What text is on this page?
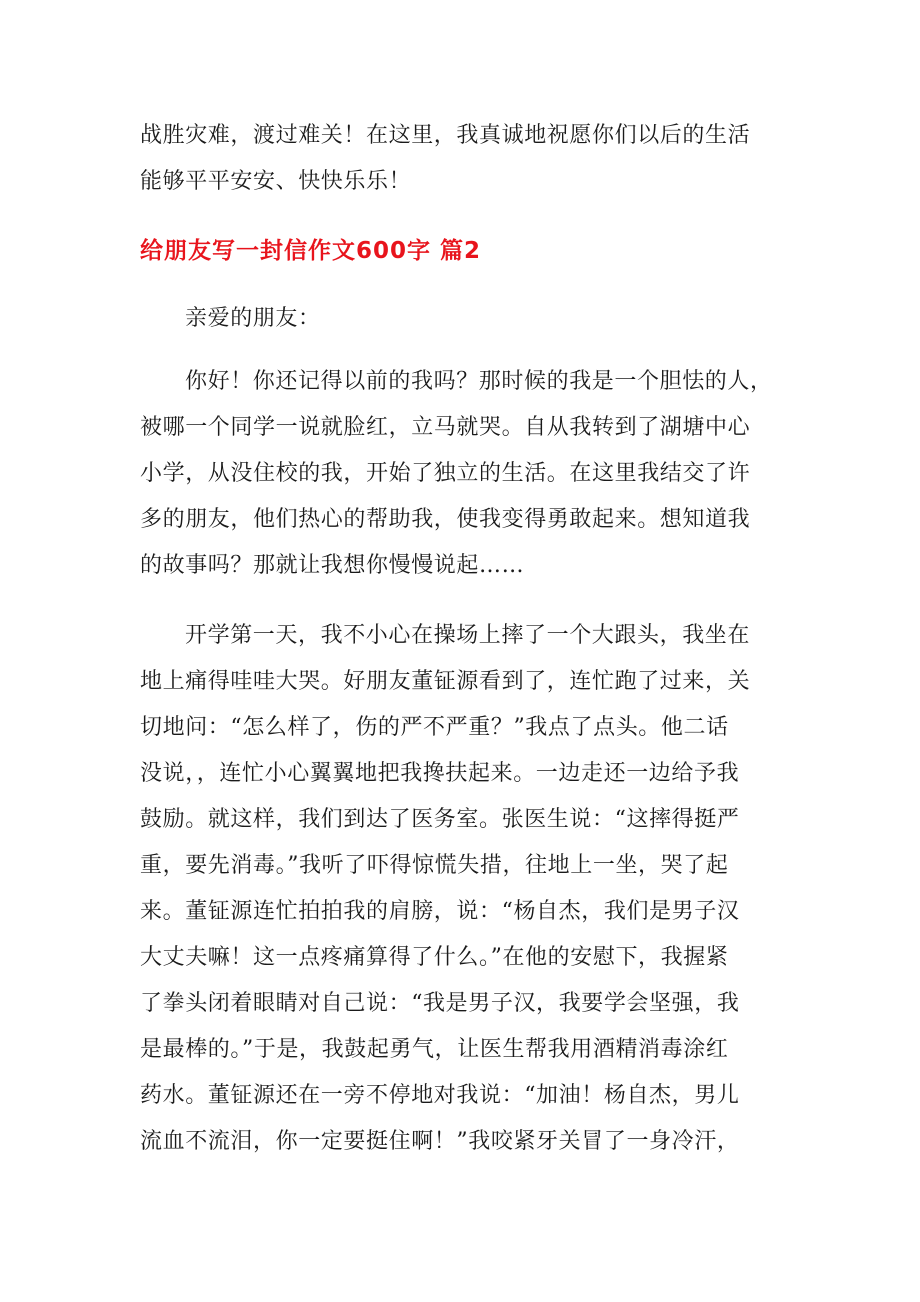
战胜灾难，渡过难关！在这里，我真诚地祝愿你们以后的生活
能够平平安安、快快乐乐！
给朋友写一封信作文600字 篇2
亲爱的朋友：
你好！你还记得以前的我吗？那时候的我是一个胆怯的人，
被哪一个同学一说就脸红，立马就哭。自从我转到了湖塘中心
小学，从没住校的我，开始了独立的生活。在这里我结交了许
多的朋友，他们热心的帮助我，使我变得勇敢起来。想知道我
的故事吗？那就让我想你慢慢说起……
开学第一天，我不小心在操场上摔了一个大跟头，我坐在
地上痛得哇哇大哭。好朋友董钲源看到了，连忙跑了过来，关
切地问：“怎么样了，伤的严不严重？”我点了点头。他二话
没说，，连忙小心翼翼地把我搀扶起来。一边走还一边给予我
鼓励。就这样，我们到达了医务室。张医生说：“这摔得挺严
重，要先消毒。”我听了吓得惊慌失措，往地上一坐，哭了起
来。董钲源连忙拍拍我的肩膀，说：“杨自杰，我们是男子汉
大丈夫嘛！这一点疼痛算得了什么。”在他的安慰下，我握紧
了拳头闭着眼睛对自己说：“我是男子汉，我要学会坚强，我
是最棒的。”于是，我鼓起勇气，让医生帮我用酒精消毒涂红
药水。董钲源还在一旁不停地对我说：“加油！杨自杰，男儿
流血不流泪，你一定要挺住啊！”我咬紧牙关冒了一身冷汗，
